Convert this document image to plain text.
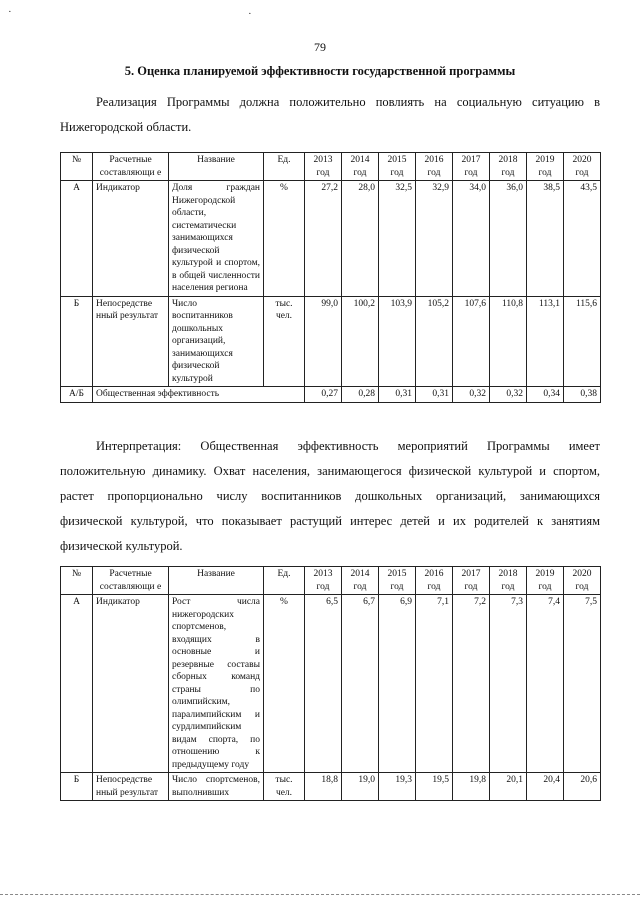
·	·
79
5. Оценка планируемой эффективности государственной программы

Реализация Программы должна положительно повлиять на социальную ситуацию в Нижегородской области.

№	Расчетные составляющи е	Название	Ед.	2013 год	2014 год	2015 год	2016 год	2017 год	2018 год	2019 год	2020 год
А	Индикатор	Доля граждан Нижегородской области, систематически занимающихся физической культурой и спортом, в общей численности населения региона	%	27,2	28,0	32,5	32,9	34,0	36,0	38,5	43,5
Б	Непосредстве нный результат	Число воспитанников дошкольных организаций, занимающихся физической культурой	тыс. чел.	99,0	100,2	103,9	105,2	107,6	110,8	113,1	115,6
А/Б	Общественная эффективность			0,27	0,28	0,31	0,31	0,32	0,32	0,34	0,38

Интерпретация: Общественная эффективность мероприятий Программы имеет положительную динамику. Охват населения, занимающегося физической культурой и спортом, растет пропорционально числу воспитанников дошкольных организаций, занимающихся физической культурой, что показывает растущий интерес детей и их родителей к занятиям физической культурой.

№	Расчетные составляющи е	Название	Ед.	2013 год	2014 год	2015 год	2016 год	2017 год	2018 год	2019 год	2020 год
А	Индикатор	Рост числа нижегородских спортсменов, входящих в основные и резервные составы сборных команд страны по олимпийским, паралимпийским и сурдлимпийским видам спорта, по отношению к предыдущему году	%	6,5	6,7	6,9	7,1	7,2	7,3	7,4	7,5
Б	Непосредстве нный результат	Число спортсменов, выполнивших	тыс. чел.	18,8	19,0	19,3	19,5	19,8	20,1	20,4	20,6
